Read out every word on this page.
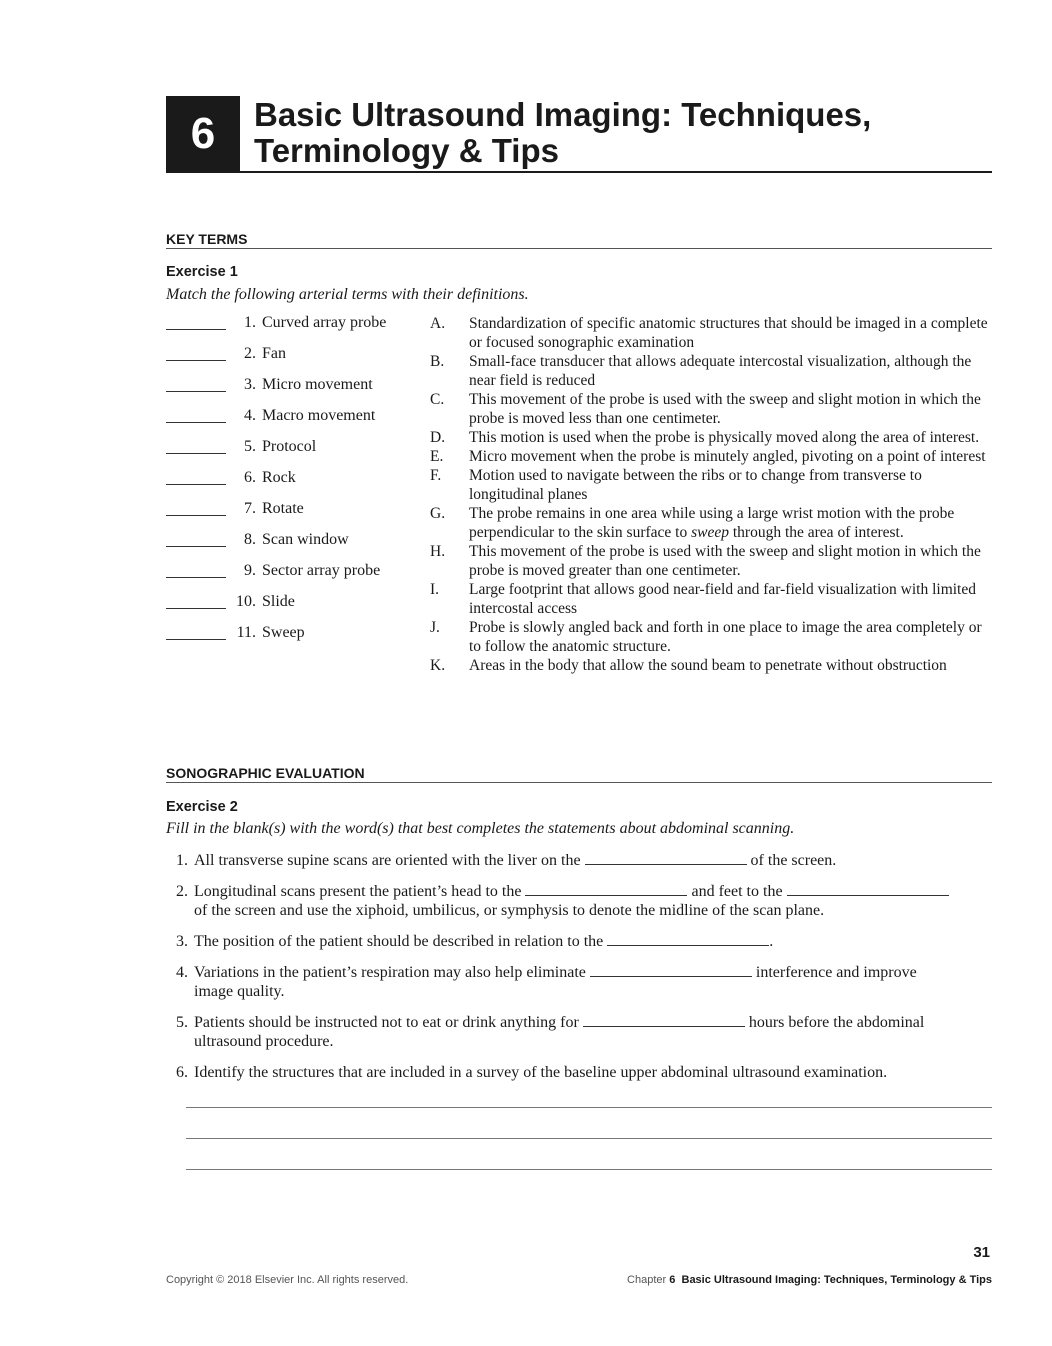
6 Basic Ultrasound Imaging: Techniques,
Terminology & Tips
KEY TERMS
Exercise 1
Match the following arterial terms with their definitions.
1. Curved array probe
2. Fan
3. Micro movement
4. Macro movement
5. Protocol
6. Rock
7. Rotate
8. Scan window
9. Sector array probe
10. Slide
11. Sweep
A.	Standardization of specific anatomic structures that should be imaged in a complete or focused sonographic examination
B.	Small-face transducer that allows adequate intercostal visualization, although the near field is reduced
C.	This movement of the probe is used with the sweep and slight motion in which the probe is moved less than one centimeter.
D.	This motion is used when the probe is physically moved along the area of interest.
E.	Micro movement when the probe is minutely angled, pivoting on a point of interest
F.	Motion used to navigate between the ribs or to change from transverse to longitudinal planes
G.	The probe remains in one area while using a large wrist motion with the probe perpendicular to the skin surface to sweep through the area of interest.
H.	This movement of the probe is used with the sweep and slight motion in which the probe is moved greater than one centimeter.
I.	Large footprint that allows good near-field and far-field visualization with limited intercostal access
J.	Probe is slowly angled back and forth in one place to image the area completely or to follow the anatomic structure.
K.	Areas in the body that allow the sound beam to penetrate without obstruction
SONOGRAPHIC EVALUATION
Exercise 2
Fill in the blank(s) with the word(s) that best completes the statements about abdominal scanning.
1. All transverse supine scans are oriented with the liver on the	of the screen.
2. Longitudinal scans present the patient’s head to the	and feet to the
of the screen and use the xiphoid, umbilicus, or symphysis to denote the midline of the scan plane.
3. The position of the patient should be described in relation to the	.
4. Variations in the patient’s respiration may also help eliminate	interference and improve
image quality.
5. Patients should be instructed not to eat or drink anything for	hours before the abdominal
ultrasound procedure.
6. Identify the structures that are included in a survey of the baseline upper abdominal ultrasound examination.
31
Copyright © 2018 Elsevier Inc. All rights reserved.	Chapter 6 Basic Ultrasound Imaging: Techniques, Terminology & Tips
